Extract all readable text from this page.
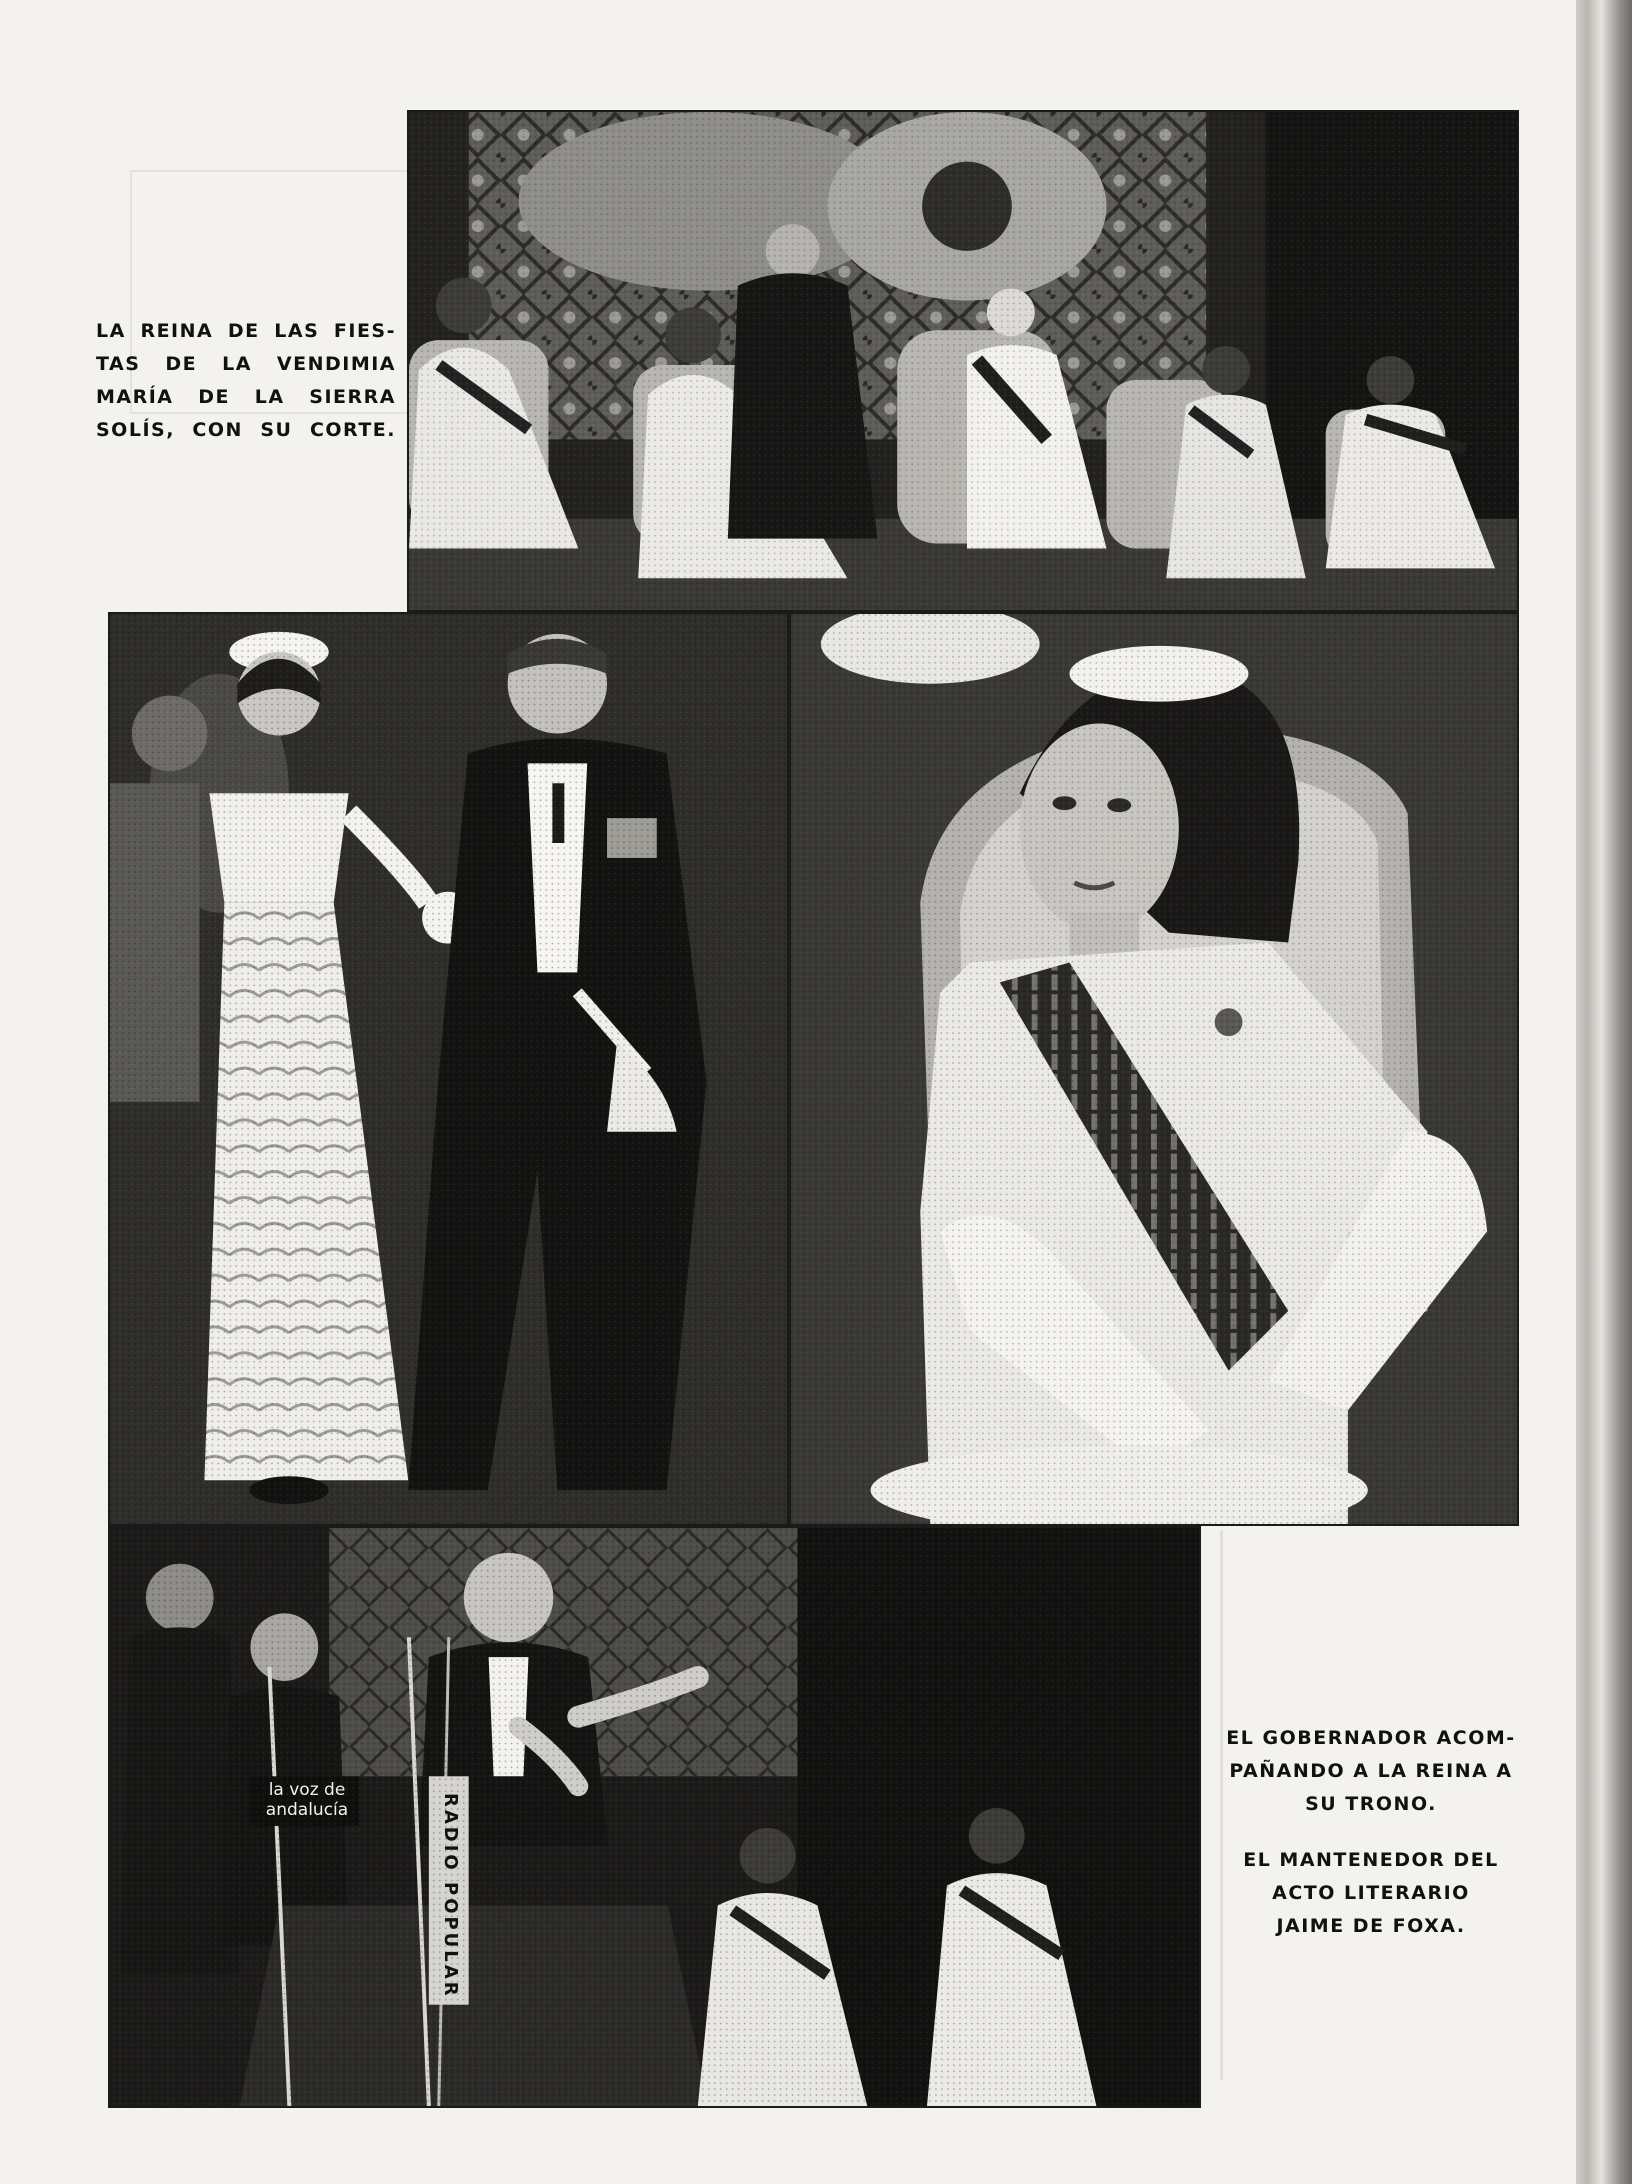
la voz de
andalucía	RADIO POPULAR
LA REINA DE LAS FIES-
TAS DE LA VENDIMIA
MARÍA DE LA SIERRA
SOLÍS, CON SU CORTE.
EL GOBERNADOR ACOM-
PAÑANDO A LA REINA A
SU TRONO.
EL MANTENEDOR DEL
ACTO LITERARIO
JAIME DE FOXA.
